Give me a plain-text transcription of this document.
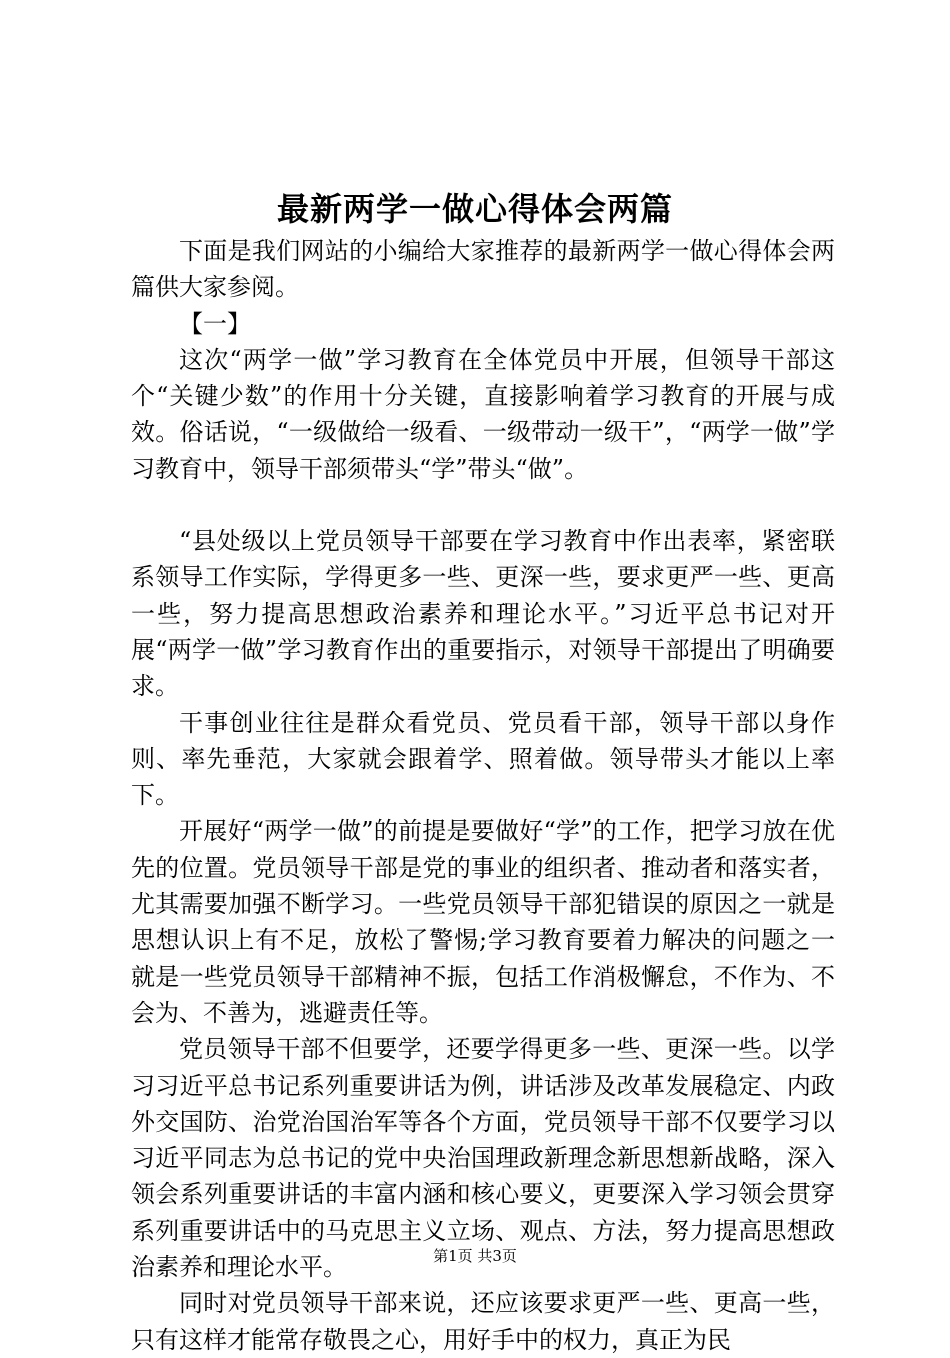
最新两学一做心得体会两篇

下面是我们网站的小编给大家推荐的最新两学一做心得体会两篇供大家参阅。

【一】

这次“两学一做”学习教育在全体党员中开展，但领导干部这个“关键少数”的作用十分关键，直接影响着学习教育的开展与成效。俗话说，“一级做给一级看、一级带动一级干”，“两学一做”学习教育中，领导干部须带头“学”带头“做”。

“县处级以上党员领导干部要在学习教育中作出表率，紧密联系领导工作实际，学得更多一些、更深一些，要求更严一些、更高一些，努力提高思想政治素养和理论水平。”习近平总书记对开展“两学一做”学习教育作出的重要指示，对领导干部提出了明确要求。

干事创业往往是群众看党员、党员看干部，领导干部以身作则、率先垂范，大家就会跟着学、照着做。领导带头才能以上率下。

开展好“两学一做”的前提是要做好“学”的工作，把学习放在优先的位置。党员领导干部是党的事业的组织者、推动者和落实者，尤其需要加强不断学习。一些党员领导干部犯错误的原因之一就是思想认识上有不足，放松了警惕;学习教育要着力解决的问题之一就是一些党员领导干部精神不振，包括工作消极懈怠，不作为、不会为、不善为，逃避责任等。

党员领导干部不但要学，还要学得更多一些、更深一些。以学习习近平总书记系列重要讲话为例，讲话涉及改革发展稳定、内政外交国防、治党治国治军等各个方面，党员领导干部不仅要学习以习近平同志为总书记的党中央治国理政新理念新思想新战略，深入领会系列重要讲话的丰富内涵和核心要义，更要深入学习领会贯穿系列重要讲话中的马克思主义立场、观点、方法，努力提高思想政治素养和理论水平。

同时对党员领导干部来说，还应该要求更严一些、更高一些，只有这样才能常存敬畏之心，用好手中的权力，真正为民

第1页 共3页
